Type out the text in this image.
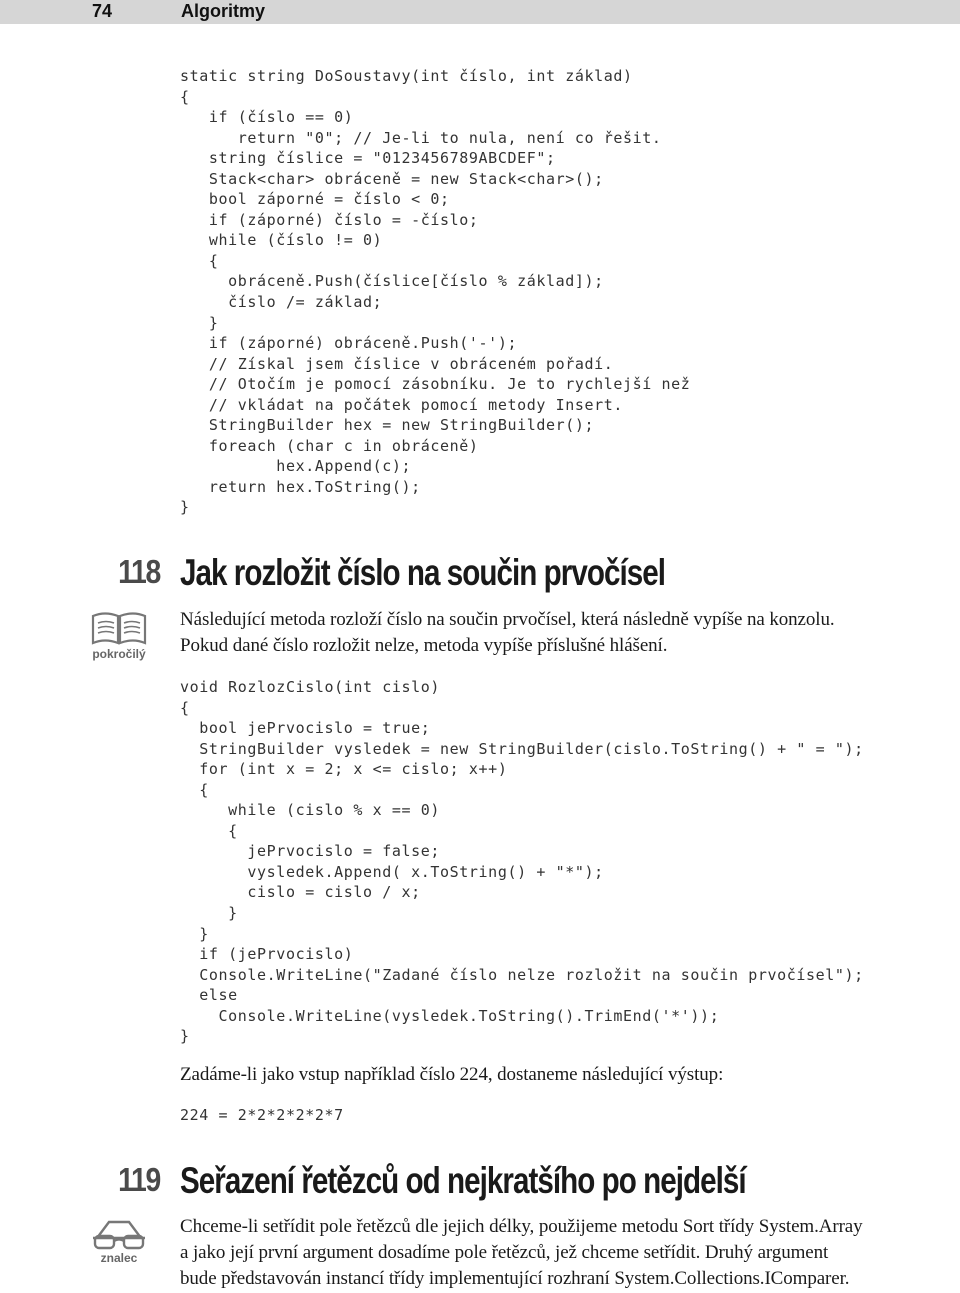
74	Algoritmy
static string DoSoustavy(int číslo, int základ)
{
if (číslo == 0)
return "0"; // Je-li to nula, není co řešit.
string číslice = "0123456789ABCDEF";
Stack<char> obráceně = new Stack<char>();
bool záporné = číslo < 0;
if (záporné) číslo = -číslo;
while (číslo != 0)
{
obráceně.Push(číslice[číslo % základ]);
číslo /= základ;
}
if (záporné) obráceně.Push('-');
// Získal jsem číslice v obráceném pořadí.
// Otočím je pomocí zásobníku. Je to rychlejší než
// vkládat na počátek pomocí metody Insert.
StringBuilder hex = new StringBuilder();
foreach (char c in obráceně)
hex.Append(c);
return hex.ToString();
}
118 Jak rozložit číslo na součin prvočísel
pokročilý

Následující metoda rozloží číslo na součin prvočísel, která následně vypíše na konzolu.
Pokud dané číslo rozložit nelze, metoda vypíše příslušné hlášení.

void RozlozCislo(int cislo)
{
bool jePrvocislo = true;
StringBuilder vysledek = new StringBuilder(cislo.ToString() + " = ");
for (int x = 2; x <= cislo; x++)
{
while (cislo % x == 0)
{
jePrvocislo = false;
vysledek.Append( x.ToString() + "*");
cislo = cislo / x;
}
}
if (jePrvocislo)
Console.WriteLine("Zadané číslo nelze rozložit na součin prvočísel");
else
Console.WriteLine(vysledek.ToString().TrimEnd('*'));
}

Zadáme-li jako vstup například číslo 224, dostaneme následující výstup:

224 = 2*2*2*2*2*7
119 Seřazení řetězců od nejkratšího po nejdelší
znalec

Chceme-li setřídit pole řetězců dle jejich délky, použijeme metodu Sort třídy System.Array
a jako její první argument dosadíme pole řetězců, jež chceme setřídit. Druhý argument
bude představován instancí třídy implementující rozhraní System.Collections.IComparer.
